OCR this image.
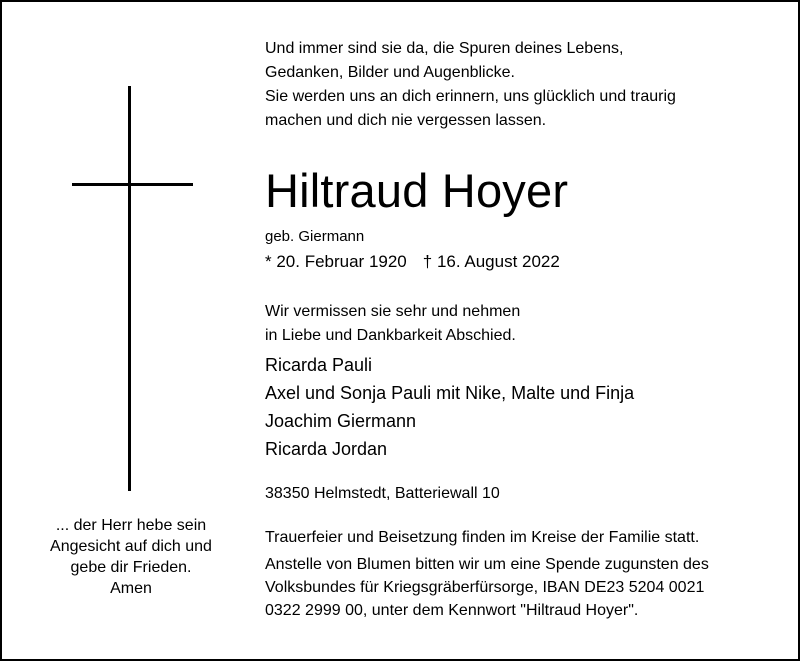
... der Herr hebe sein
Angesicht auf dich und
gebe dir Frieden.
Amen
Und immer sind sie da, die Spuren deines Lebens,
Gedanken, Bilder und Augenblicke.
Sie werden uns an dich erinnern, uns glücklich und traurig
machen und dich nie vergessen lassen.
Hiltraud Hoyer
geb. Giermann
* 20. Februar 1920 † 16. August 2022
Wir vermissen sie sehr und nehmen
in Liebe und Dankbarkeit Abschied.
Ricarda Pauli
Axel und Sonja Pauli mit Nike, Malte und Finja
Joachim Giermann
Ricarda Jordan
38350 Helmstedt, Batteriewall 10
Trauerfeier und Beisetzung finden im Kreise der Familie statt.
Anstelle von Blumen bitten wir um eine Spende zugunsten des
Volksbundes für Kriegsgräberfürsorge, IBAN DE23 5204 0021
0322 2999 00, unter dem Kennwort "Hiltraud Hoyer".
